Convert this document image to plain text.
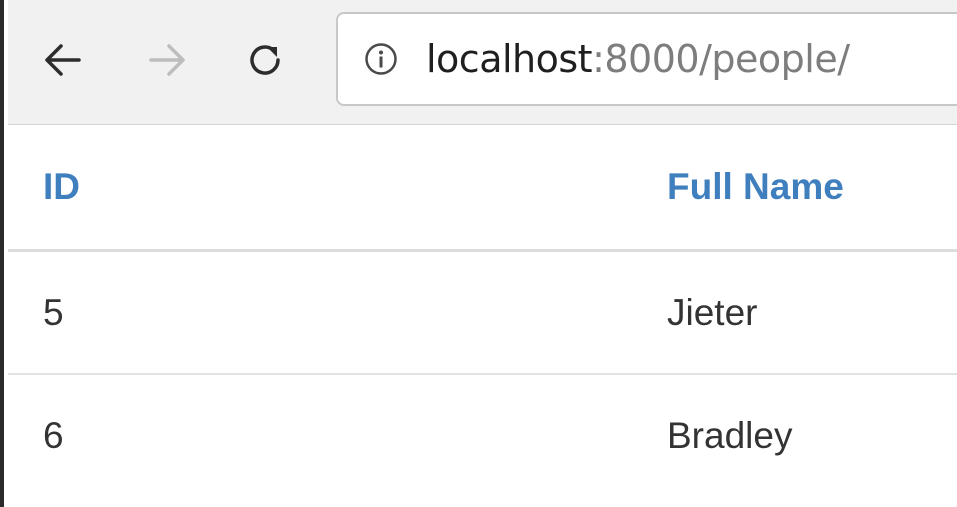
localhost:8000/people/
ID	Full Name
5	Jieter
6	Bradley
